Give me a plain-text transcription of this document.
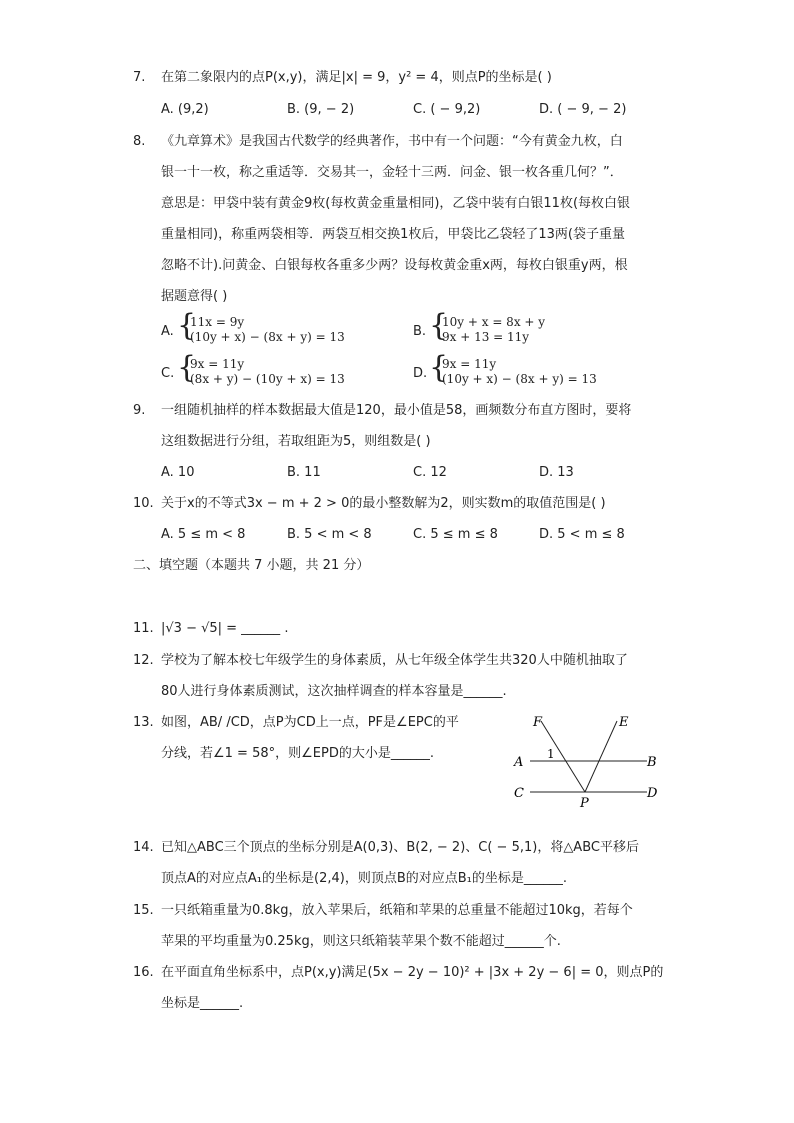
7. 在第二象限内的点P(x,y)，满足|x| = 9，y² = 4，则点P的坐标是( )
A. (9,2)	B. (9, − 2)	C. ( − 9,2)	D. ( − 9, − 2)
8. 《九章算术》是我国古代数学的经典著作，书中有一个问题：“今有黄金九枚，白
银一十一枚，称之重适等．交易其一，金轻十三两．问金、银一枚各重几何？”．
意思是：甲袋中装有黄金9枚(每枚黄金重量相同)，乙袋中装有白银11枚(每枚白银
重量相同)，称重两袋相等．两袋互相交换1枚后，甲袋比乙袋轻了13两(袋子重量
忽略不计).问黄金、白银每枚各重多少两？设每枚黄金重x两，每枚白银重y两，根
据题意得( )
A. {
11x = 9y
(10y + x) − (8x + y) = 13	B. {
10y + x = 8x + y
9x + 13 = 11y
C. {
9x = 11y
(8x + y) − (10y + x) = 13	D. {
9x = 11y
(10y + x) − (8x + y) = 13
9. 一组随机抽样的样本数据最大值是120，最小值是58，画频数分布直方图时，要将
这组数据进行分组，若取组距为5，则组数是( )
A. 10	B. 11	C. 12	D. 13
10. 关于x的不等式3x − m + 2 > 0的最小整数解为2，则实数m的取值范围是( )
A. 5 ≤ m < 8	B. 5 < m < 8	C. 5 ≤ m ≤ 8	D. 5 < m ≤ 8
二、填空题（本题共 7 小题，共 21 分）
11. |√3 − √5| = ______ .
12. 学校为了解本校七年级学生的身体素质，从七年级全体学生共320人中随机抽取了
80人进行身体素质测试，这次抽样调查的样本容量是______.
13. 如图，AB/ /CD，点P为CD上一点，PF是∠EPC的平
分线，若∠1 = 58°，则∠EPD的大小是______.
F	E
1
A	B
C	D
P
14. 已知△ABC三个顶点的坐标分别是A(0,3)、B(2, − 2)、C( − 5,1)，将△ABC平移后
顶点A的对应点A₁的坐标是(2,4)，则顶点B的对应点B₁的坐标是______.
15. 一只纸箱重量为0.8kg，放入苹果后，纸箱和苹果的总重量不能超过10kg，若每个
苹果的平均重量为0.25kg，则这只纸箱装苹果个数不能超过______个.
16. 在平面直角坐标系中，点P(x,y)满足(5x − 2y − 10)² + |3x + 2y − 6| = 0，则点P的
坐标是______.
